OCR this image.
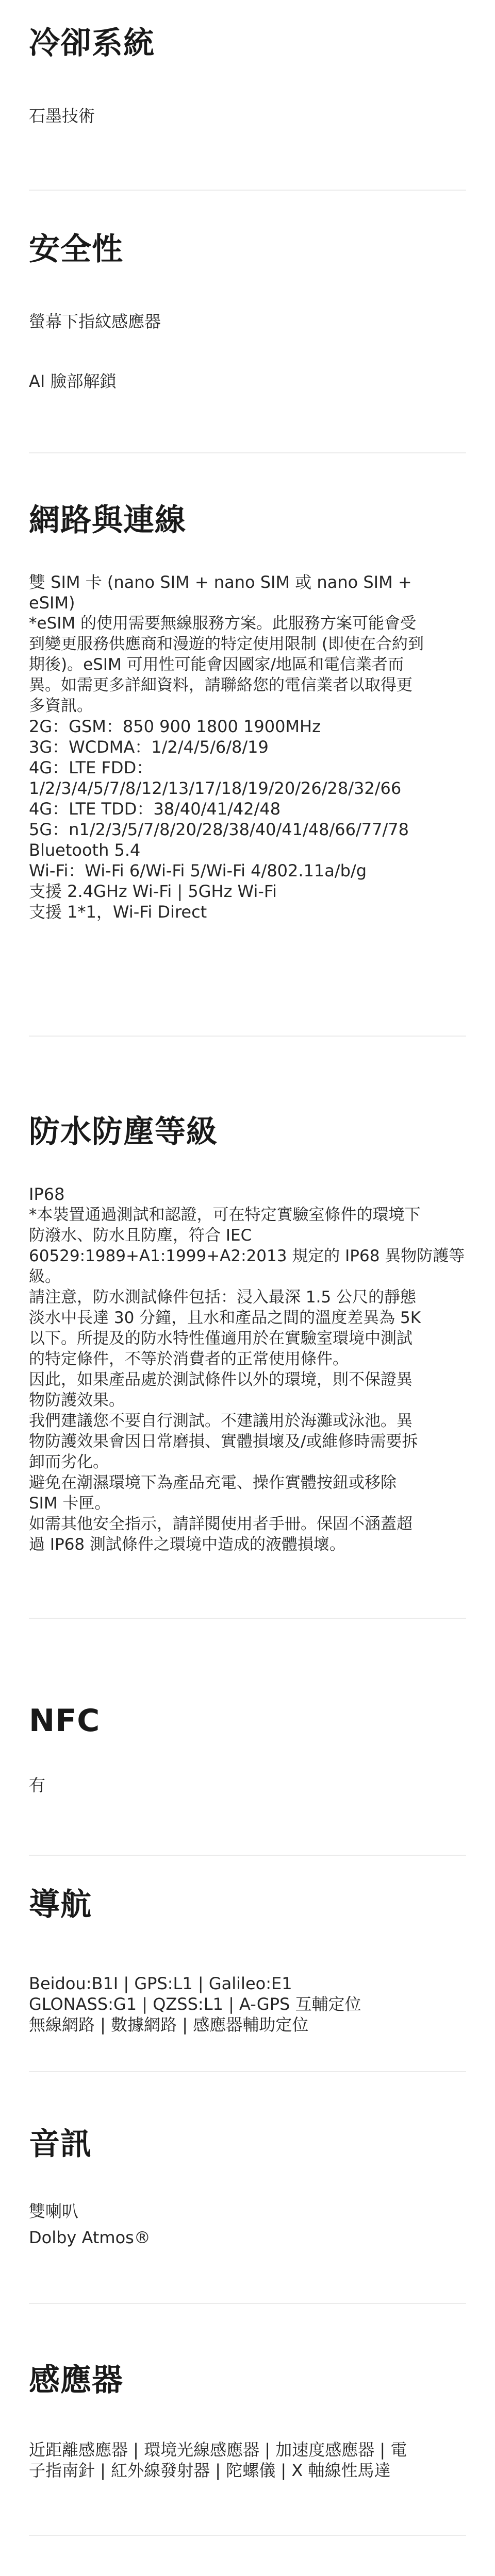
冷卻系統

石墨技術

安全性

螢幕下指紋感應器

AI 臉部解鎖

網路與連線
雙 SIM 卡 (nano SIM + nano SIM 或 nano SIM +
eSIM)
*eSIM 的使用需要無線服務方案。此服務方案可能會受
到變更服務供應商和漫遊的特定使用限制 (即使在合約到
期後)。eSIM 可用性可能會因國家/地區和電信業者而
異。如需更多詳細資料，請聯絡您的電信業者以取得更
多資訊。
2G：GSM：850 900 1800 1900MHz
3G：WCDMA：1/2/4/5/6/8/19
4G：LTE FDD：
1/2/3/4/5/7/8/12/13/17/18/19/20/26/28/32/66
4G：LTE TDD：38/40/41/42/48
5G：n1/2/3/5/7/8/20/28/38/40/41/48/66/77/78
Bluetooth 5.4
Wi-Fi：Wi-Fi 6/Wi-Fi 5/Wi-Fi 4/802.11a/b/g
支援 2.4GHz Wi-Fi | 5GHz Wi-Fi
支援 1*1，Wi-Fi Direct
防水防塵等級
IP68
*本裝置通過測試和認證，可在特定實驗室條件的環境下
防潑水、防水且防塵，符合 IEC
60529:1989+A1:1999+A2:2013 規定的 IP68 異物防護等
級。
請注意，防水測試條件包括：浸入最深 1.5 公尺的靜態
淡水中長達 30 分鐘，且水和產品之間的溫度差異為 5K
以下。所提及的防水特性僅適用於在實驗室環境中測試
的特定條件，不等於消費者的正常使用條件。
因此，如果產品處於測試條件以外的環境，則不保證異
物防護效果。
我們建議您不要自行測試。不建議用於海灘或泳池。異
物防護效果會因日常磨損、實體損壞及/或維修時需要拆
卸而劣化。
避免在潮濕環境下為產品充電、操作實體按鈕或移除
SIM 卡匣。
如需其他安全指示，請詳閱使用者手冊。保固不涵蓋超
過 IP68 測試條件之環境中造成的液體損壞。
NFC

有

導航
Beidou:B1I | GPS:L1 | Galileo:E1
GLONASS:G1 | QZSS:L1 | A-GPS 互輔定位
無線網路 | 數據網路 | 感應器輔助定位
音訊

雙喇叭

Dolby Atmos®

感應器
近距離感應器 | 環境光線感應器 | 加速度感應器 | 電
子指南針 | 紅外線發射器 | 陀螺儀 | X 軸線性馬達
